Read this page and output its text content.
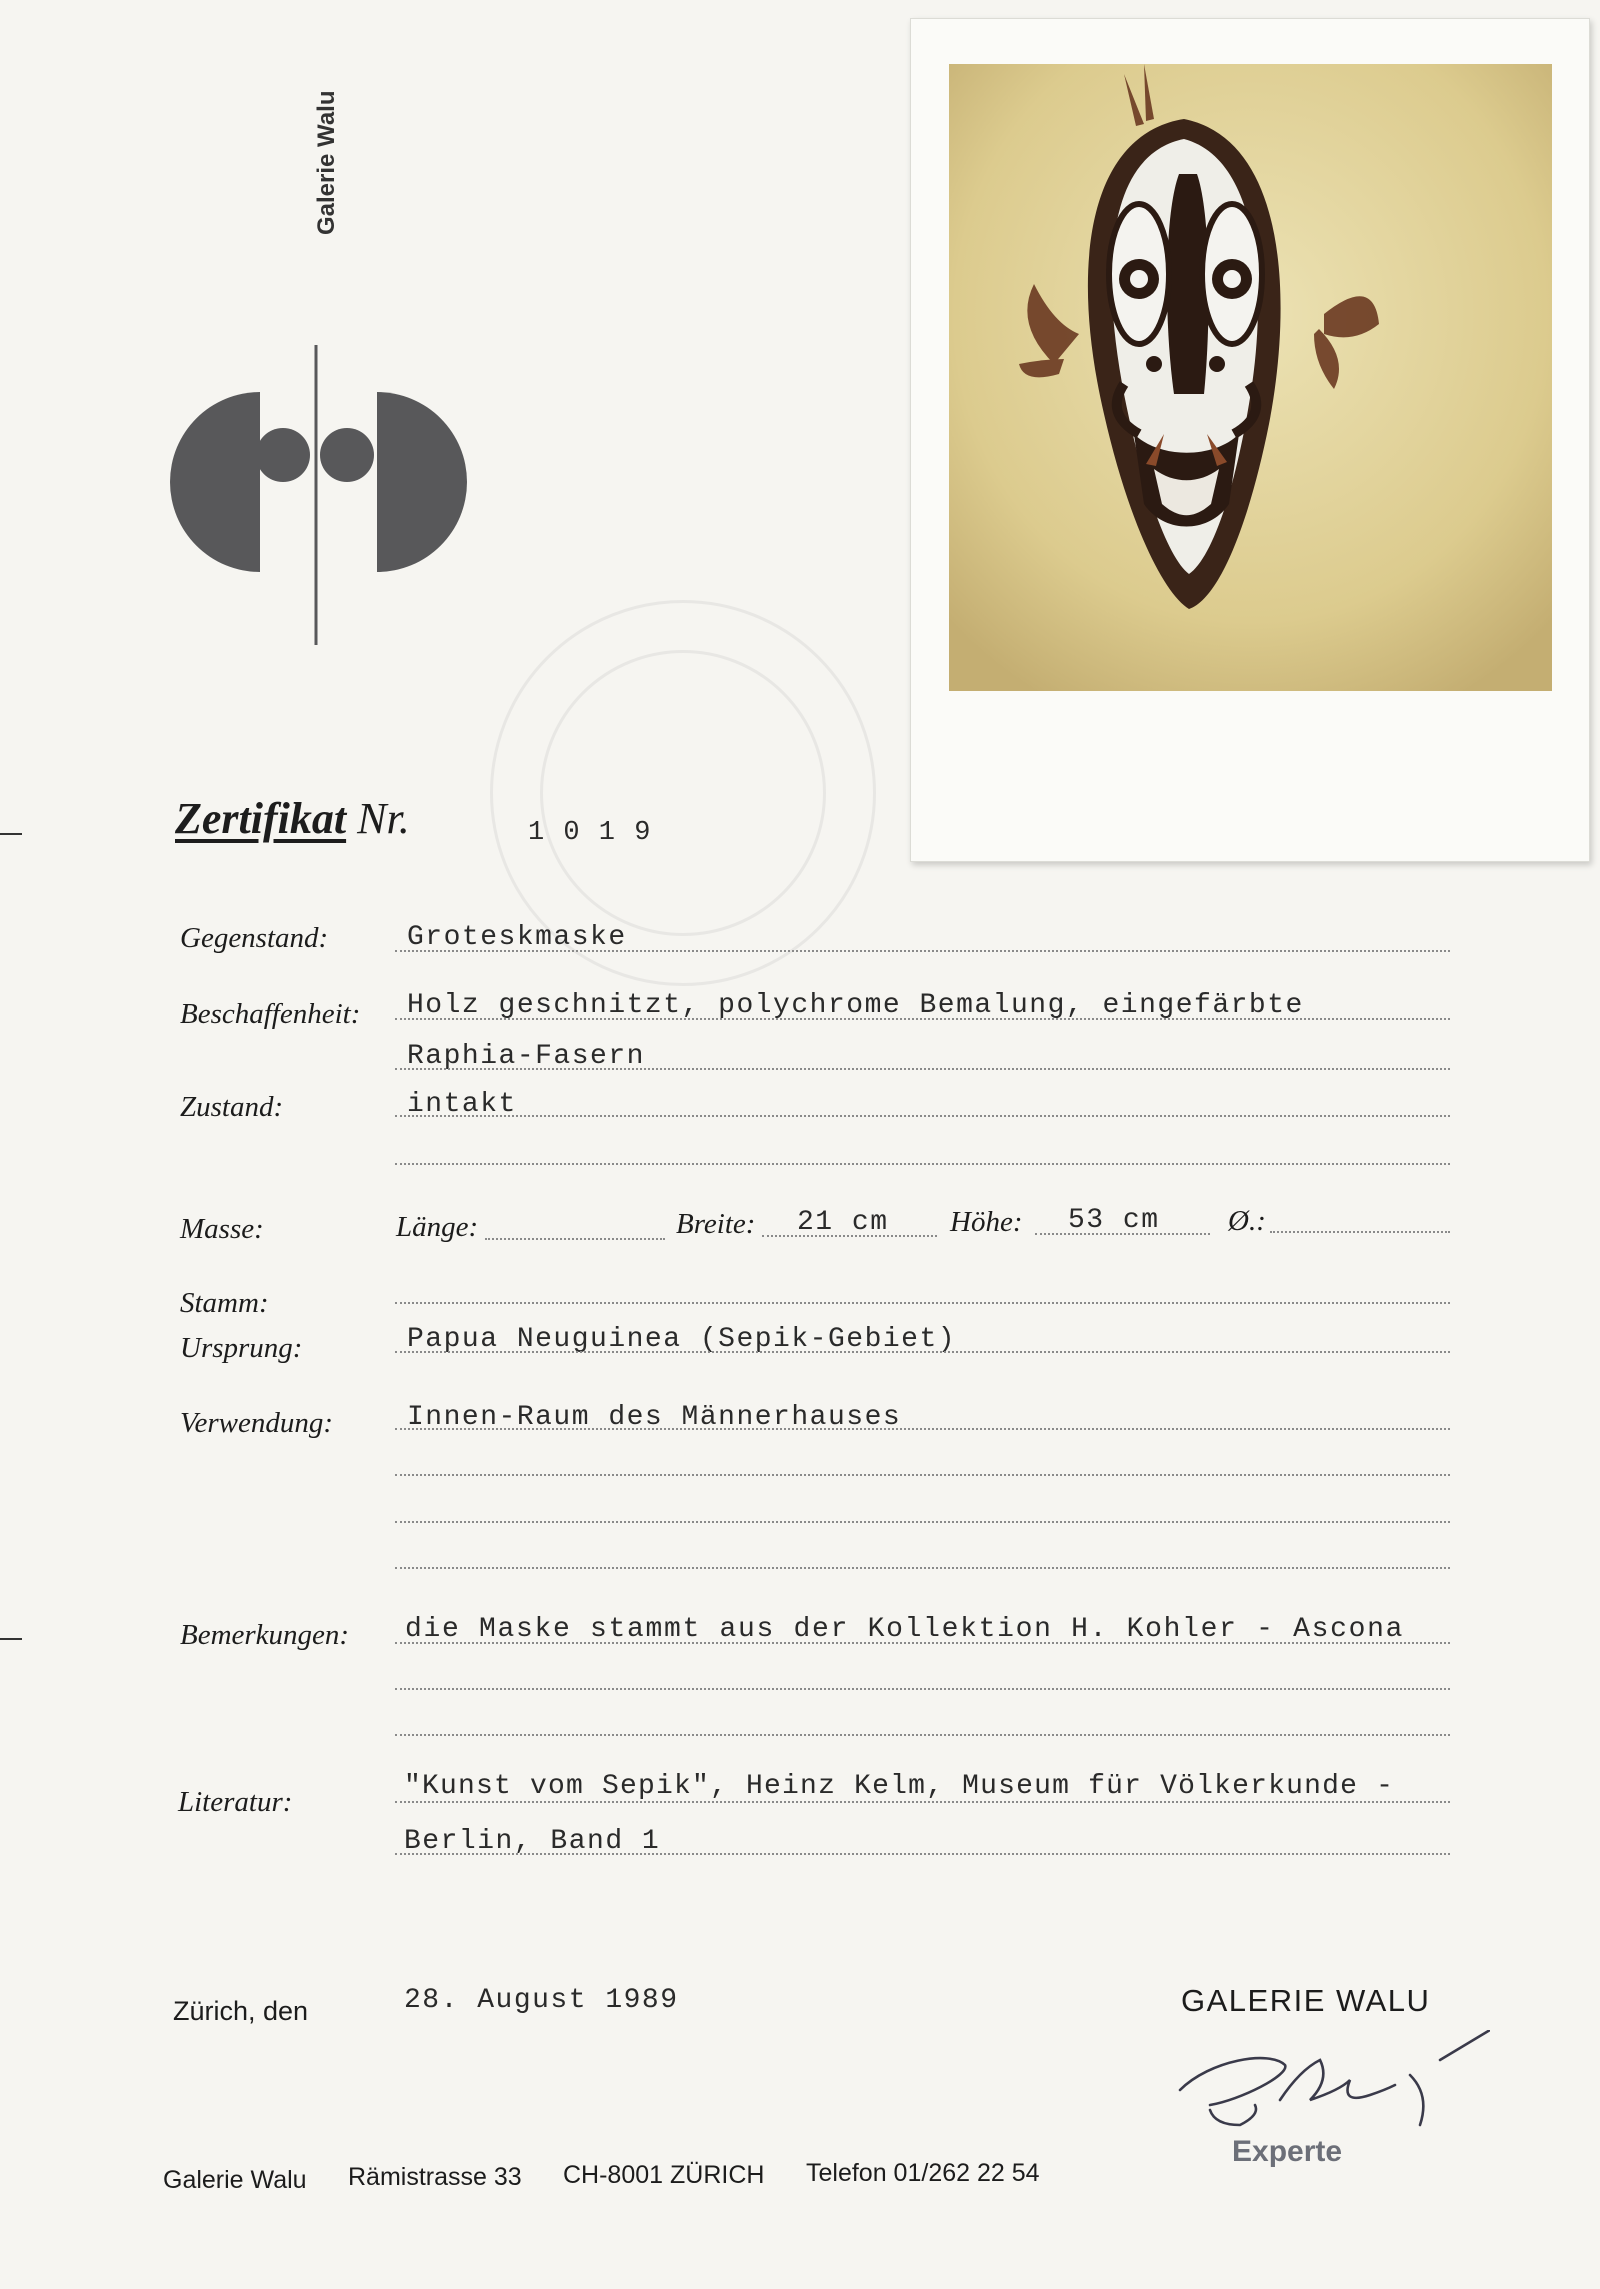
Galerie Walu
Zertifikat Nr.	1 0 1 9
Gegenstand:	Groteskmaske
Beschaffenheit: Holz geschnitzt, polychrome Bemalung, eingefärbte
Raphia-Fasern
Zustand:	intakt
Masse:	Länge:	Breite: 21 cm Höhe: 53 cm Ø.:
Stamm:
Ursprung:	Papua Neuguinea (Sepik-Gebiet)
Verwendung:	Innen-Raum des Männerhauses
Bemerkungen: die Maske stammt aus der Kollektion H. Kohler - Ascona
Literatur:	"Kunst vom Sepik", Heinz Kelm, Museum für Völkerkunde -
Berlin, Band 1
Zürich, den	28. August 1989	GALERIE WALU
Experte
Galerie Walu Rämistrasse 33 CH-8001 ZÜRICH Telefon 01/262 22 54
